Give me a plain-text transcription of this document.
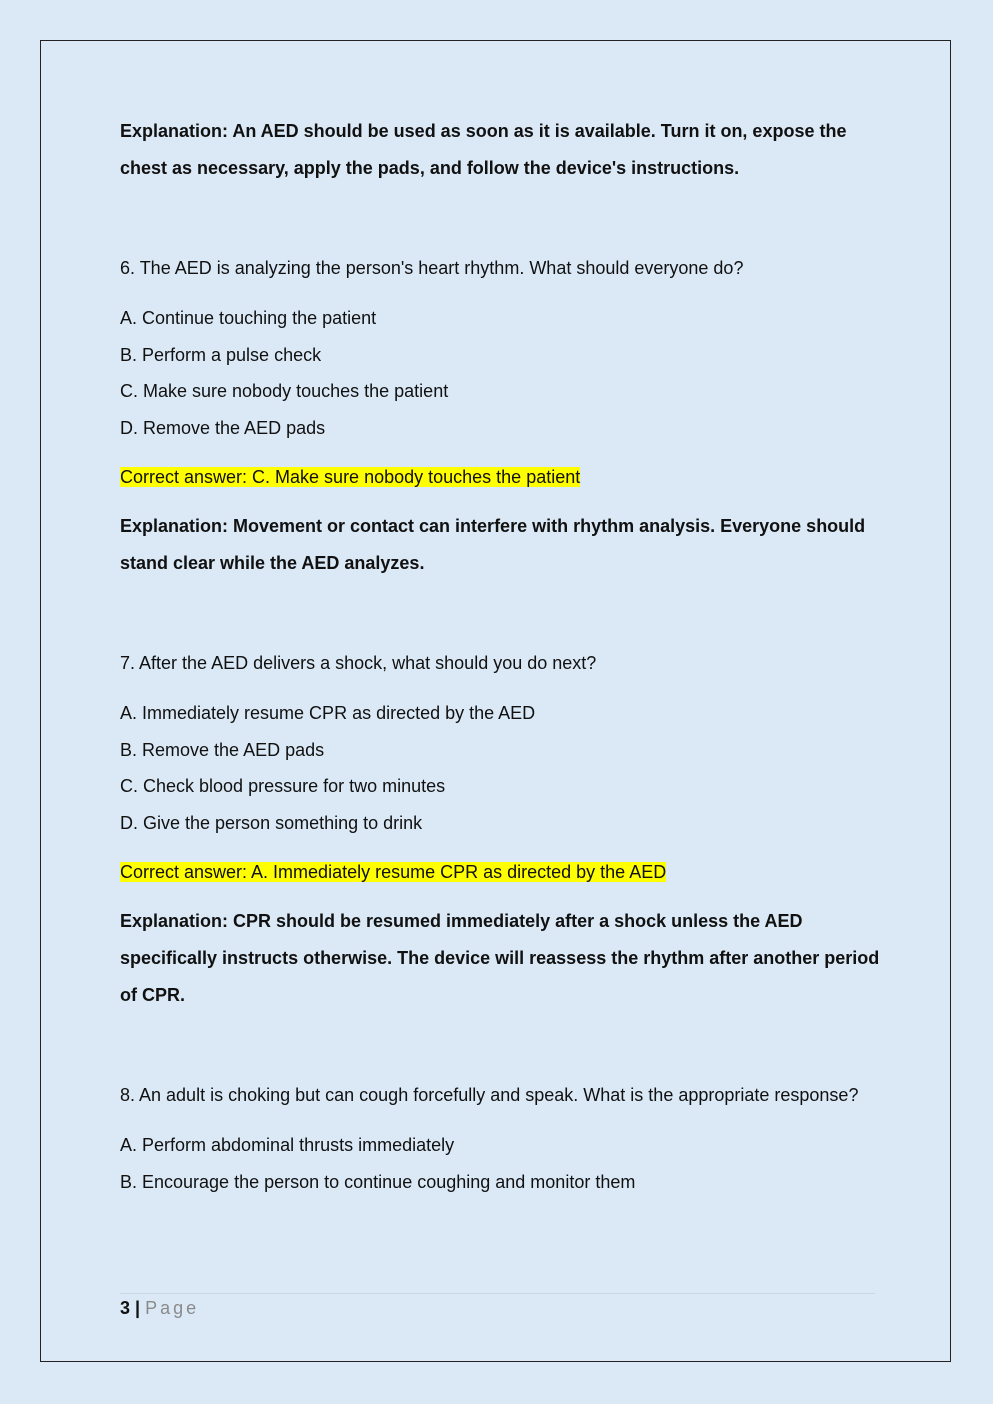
Explanation: An AED should be used as soon as it is available. Turn it on, expose the chest as necessary, apply the pads, and follow the device's instructions.

6. The AED is analyzing the person's heart rhythm. What should everyone do?

A. Continue touching the patient
B. Perform a pulse check
C. Make sure nobody touches the patient
D. Remove the AED pads

Correct answer: C. Make sure nobody touches the patient

Explanation: Movement or contact can interfere with rhythm analysis. Everyone should stand clear while the AED analyzes.

7. After the AED delivers a shock, what should you do next?

A. Immediately resume CPR as directed by the AED
B. Remove the AED pads
C. Check blood pressure for two minutes
D. Give the person something to drink

Correct answer: A. Immediately resume CPR as directed by the AED

Explanation: CPR should be resumed immediately after a shock unless the AED specifically instructs otherwise. The device will reassess the rhythm after another period of CPR.

8. An adult is choking but can cough forcefully and speak. What is the appropriate response?

A. Perform abdominal thrusts immediately
B. Encourage the person to continue coughing and monitor them
3 | Page
